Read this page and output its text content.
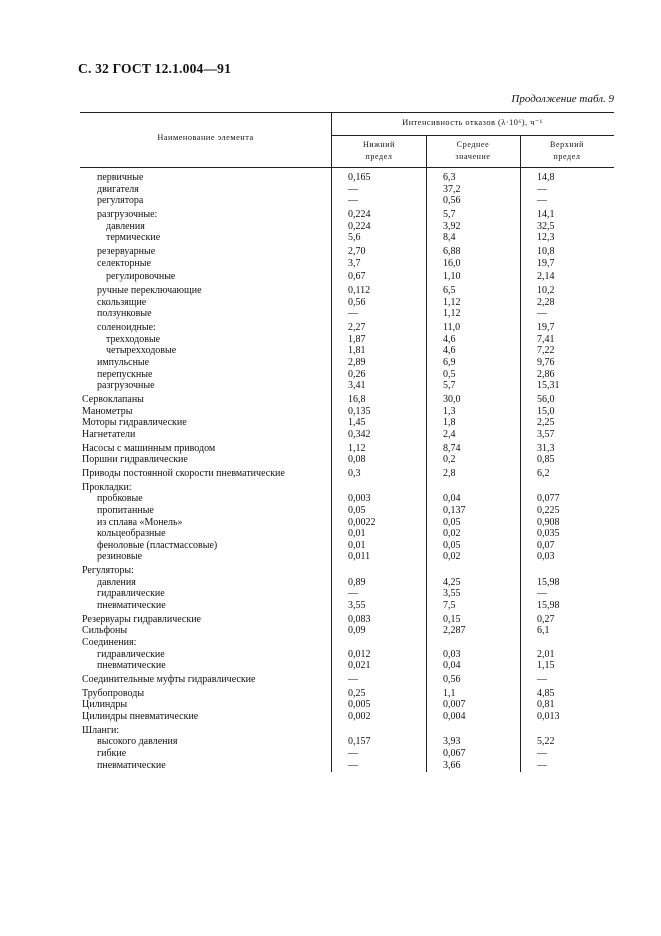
С. 32 ГОСТ 12.1.004—91
Продолжение табл. 9
Наименование элемента
Интенсивность отказов (λ·10⁶), ч⁻¹
Нижний предел
Среднее значение
Верхний предел
первичные	0,165	6,3	14,8
двигателя	—	37,2	—
регулятора	—	0,56	—
разгрузочные:	0,224	5,7	14,1
давления	0,224	3,92	32,5
термические	5,6	8,4	12,3
резервуарные	2,70	6,88	10,8
селекторные	3,7	16,0	19,7
регулировочные	0,67	1,10	2,14
ручные переключающие	0,112	6,5	10,2
скользящие	0,56	1,12	2,28
ползунковые	—	1,12	—
соленоидные:	2,27	11,0	19,7
трехходовые	1,87	4,6	7,41
четырехходовые	1,81	4,6	7,22
импульсные	2,89	6,9	9,76
перепускные	0,26	0,5	2,86
разгрузочные	3,41	5,7	15,31
Сервоклапаны	16,8	30,0	56,0
Манометры	0,135	1,3	15,0
Моторы гидравлические	1,45	1,8	2,25
Нагнетатели	0,342	2,4	3,57
Насосы с машинным приводом	1,12	8,74	31,3
Поршни гидравлические	0,08	0,2	0,85
Приводы постоянной скорости пневматические	0,3	2,8	6,2
Прокладки:
пробковые	0,003	0,04	0,077
пропитанные	0,05	0,137	0,225
из сплава «Монель»	0,0022	0,05	0,908
кольцеобразные	0,01	0,02	0,035
феноловые (пластмассовые)	0,01	0,05	0,07
резиновые	0,011	0,02	0,03
Регуляторы:
давления	0,89	4,25	15,98
гидравлические	—	3,55	—
пневматические	3,55	7,5	15,98
Резервуары гидравлические	0,083	0,15	0,27
Сильфоны	0,09	2,287	6,1
Соединения:
гидравлические	0,012	0,03	2,01
пневматические	0,021	0,04	1,15
Соединительные муфты гидравлические	—	0,56	—
Трубопроводы	0,25	1,1	4,85
Цилиндры	0,005	0,007	0,81
Цилиндры пневматические	0,002	0,004	0,013
Шланги:
высокого давления	0,157	3,93	5,22
гибкие	—	0,067	—
пневматические	—	3,66	—
